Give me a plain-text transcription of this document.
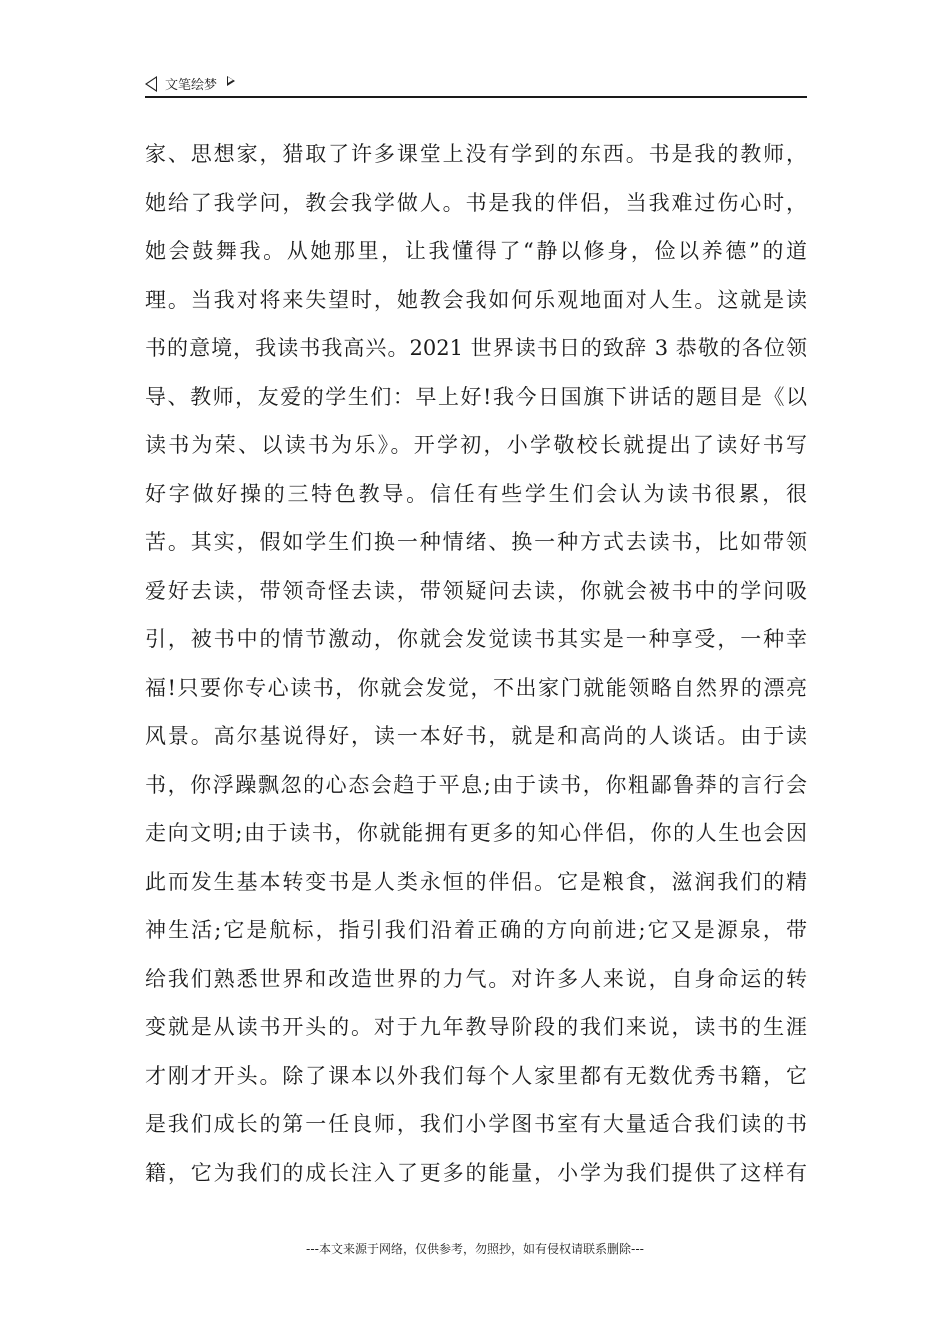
文笔绘梦
家、思想家，猎取了许多课堂上没有学到的东西。书是我的教师，
她给了我学问，教会我学做人。书是我的伴侣，当我难过伤心时，
她会鼓舞我。从她那里，让我懂得了“静以修身，俭以养德”的道
理。当我对将来失望时，她教会我如何乐观地面对人生。这就是读
书的意境，我读书我高兴。2021 世界读书日的致辞 3 恭敬的各位领
导、教师，友爱的学生们：早上好!我今日国旗下讲话的题目是《以
读书为荣、以读书为乐》。开学初，小学敬校长就提出了读好书写
好字做好操的三特色教导。信任有些学生们会认为读书很累，很
苦。其实，假如学生们换一种情绪、换一种方式去读书，比如带领
爱好去读，带领奇怪去读，带领疑问去读，你就会被书中的学问吸
引，被书中的情节激动，你就会发觉读书其实是一种享受，一种幸
福!只要你专心读书，你就会发觉，不出家门就能领略自然界的漂亮
风景。高尔基说得好，读一本好书，就是和高尚的人谈话。由于读
书，你浮躁飘忽的心态会趋于平息;由于读书，你粗鄙鲁莽的言行会
走向文明;由于读书，你就能拥有更多的知心伴侣，你的人生也会因
此而发生基本转变书是人类永恒的伴侣。它是粮食，滋润我们的精
神生活;它是航标，指引我们沿着正确的方向前进;它又是源泉，带
给我们熟悉世界和改造世界的力气。对许多人来说，自身命运的转
变就是从读书开头的。对于九年教导阶段的我们来说，读书的生涯
才刚才开头。除了课本以外我们每个人家里都有无数优秀书籍，它
是我们成长的第一任良师，我们小学图书室有大量适合我们读的书
籍，它为我们的成长注入了更多的能量，小学为我们提供了这样有
---本文来源于网络，仅供参考，勿照抄，如有侵权请联系删除---
